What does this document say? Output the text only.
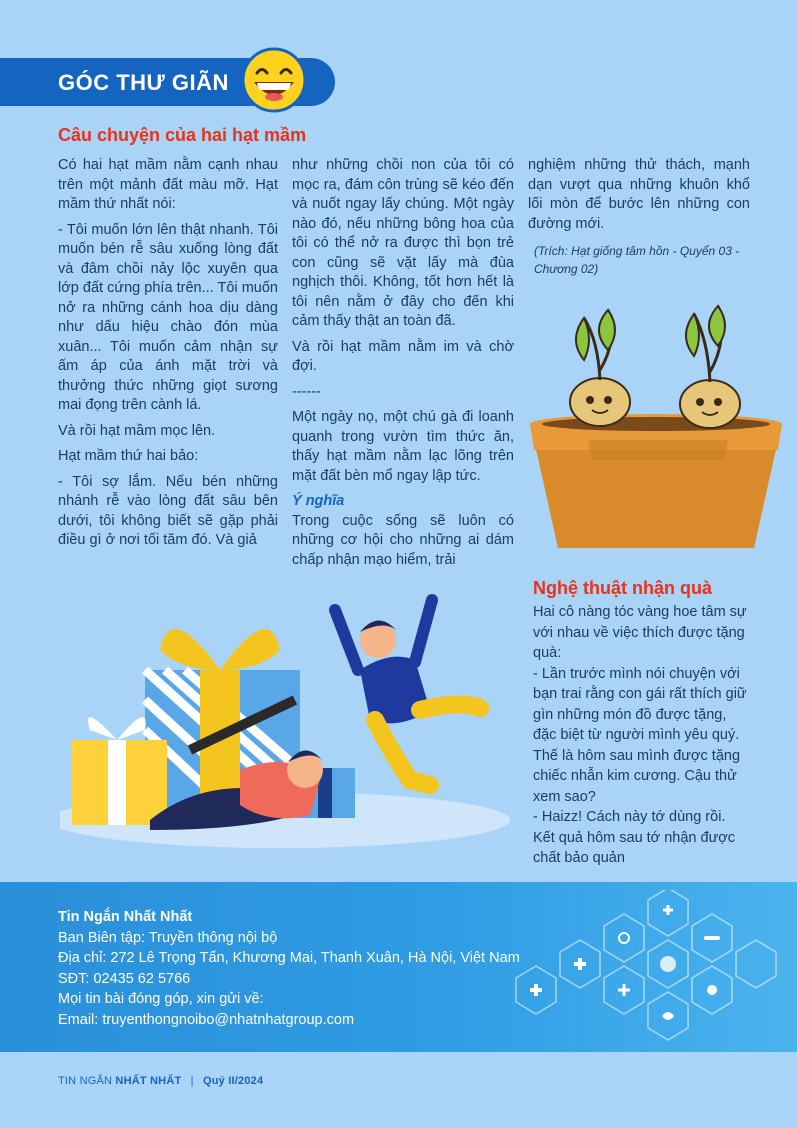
GÓC THƯ GIÃN
Câu chuyện của hai hạt mầm

Có hai hạt mầm nằm cạnh nhau trên một mảnh đất màu mỡ. Hạt mầm thứ nhất nói:

- Tôi muốn lớn lên thật nhanh. Tôi muốn bén rễ sâu xuống lòng đất và đâm chồi nảy lộc xuyên qua lớp đất cứng phía trên... Tôi muốn nở ra những cánh hoa dịu dàng như dấu hiệu chào đón mùa xuân... Tôi muốn cảm nhận sự ấm áp của ánh mặt trời và thưởng thức những giọt sương mai đọng trên cành lá.

Và rồi hạt mầm mọc lên.

Hạt mầm thứ hai bảo:

- Tôi sợ lắm. Nếu bén những nhánh rễ vào lòng đất sâu bên dưới, tôi không biết sẽ gặp phải điều gì ở nơi tối tăm đó. Và giả

như những chồi non của tôi có mọc ra, đám côn trùng sẽ kéo đến và nuốt ngay lấy chúng. Một ngày nào đó, nếu những bông hoa của tôi có thể nở ra được thì bọn trẻ con cũng sẽ vặt lấy mà đùa nghịch thôi. Không, tốt hơn hết là tôi nên nằm ở đây cho đến khi cảm thấy thật an toàn đã.

Và rồi hạt mầm nằm im và chờ đợi.

------

Một ngày nọ, một chú gà đi loanh quanh trong vườn tìm thức ăn, thấy hạt mầm nằm lạc lõng trên mặt đất bèn mổ ngay lập tức.

Ý nghĩa

Trong cuộc sống sẽ luôn có những cơ hội cho những ai dám chấp nhận mạo hiểm, trải

nghiệm những thử thách, mạnh dạn vượt qua những khuôn khổ lối mòn để bước lên những con đường mới.

(Trích: Hạt giống tâm hồn - Quyển 03 - Chương 02)
Nghệ thuật nhận quà

Hai cô nàng tóc vàng hoe tâm sự với nhau về việc thích được tặng quà:

- Lần trước mình nói chuyện với bạn trai rằng con gái rất thích giữ gìn những món đồ được tặng, đặc biệt từ người mình yêu quý. Thế là hôm sau mình được tặng chiếc nhẫn kim cương. Cậu thử xem sao?

- Haizz! Cách này tớ dùng rồi. Kết quả hôm sau tớ nhận được chất bảo quản

Tin Ngắn Nhất Nhất
Ban Biên tập: Truyền thông nội bộ
Địa chỉ: 272 Lê Trọng Tấn, Khương Mai, Thanh Xuân, Hà Nội, Việt Nam
SĐT: 02435 62 5766
Mọi tin bài đóng góp, xin gửi về:
Email: truyenthongnoibo@nhatnhatgroup.com
TIN NGẮN NHẤT NHẤT | Quý II/2024
